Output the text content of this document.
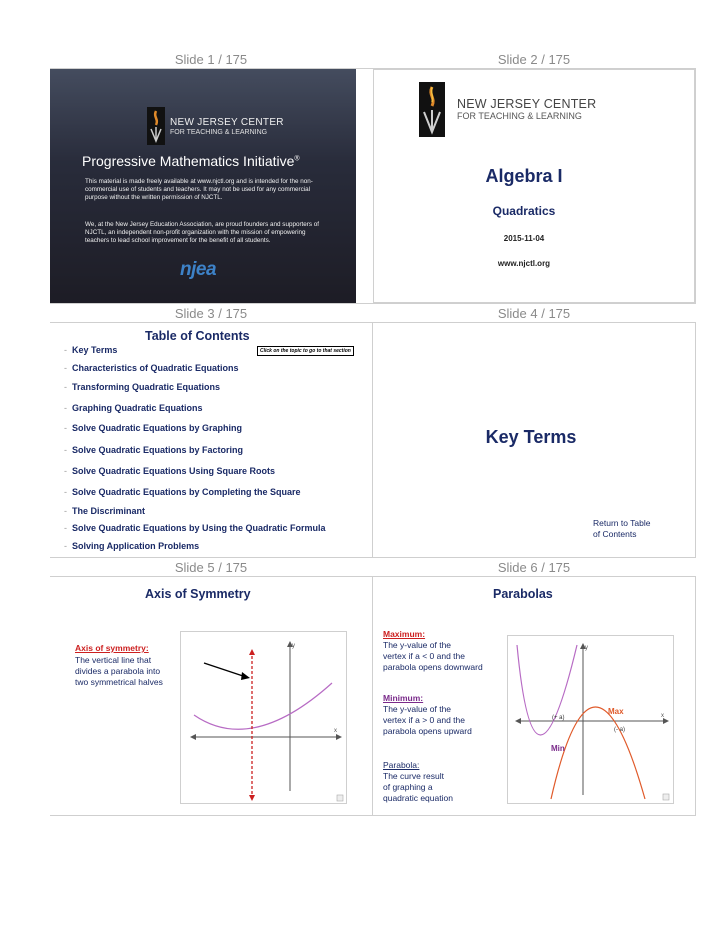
Slide 1 / 175	Slide 2 / 175
NEW JERSEY CENTER
FOR TEACHING & LEARNING
Progressive Mathematics Initiative®
This material is made freely available at www.njctl.org and is intended for the non-commercial use of students and teachers. It may not be used for any commercial purpose without the written permission of NJCTL.
We, at the New Jersey Education Association, are proud founders and supporters of NJCTL, an independent non-profit organization with the mission of empowering teachers to lead school improvement for the benefit of all students.
njea
NEW JERSEY CENTER
FOR TEACHING & LEARNING
Algebra I
Quadratics
2015-11-04
www.njctl.org
Slide 3 / 175	Slide 4 / 175
Table of Contents
Click on the topic to go to that section
- Key Terms
- Characteristics of Quadratic Equations
- Transforming Quadratic Equations
- Graphing Quadratic Equations
- Solve Quadratic Equations by Graphing
- Solve Quadratic Equations by Factoring
- Solve Quadratic Equations Using Square Roots
- Solve Quadratic Equations by Completing the Square
- The Discriminant
- Solve Quadratic Equations by Using the Quadratic Formula
- Solving Application Problems
Key Terms
Return to Table
of Contents
Slide 5 / 175	Slide 6 / 175
Axis of Symmetry
Axis of symmetry:
The vertical line that
divides a parabola into
two symmetrical halves
y
x
Parabolas
Maximum:
The y-value of the
vertex if a < 0 and the
parabola opens downward
Minimum:
The y-value of the
vertex if a > 0 and the
parabola opens upward
Parabola:
The curve result
of graphing a
quadratic equation
y
x
(+ a)
(- a)
Max
Min
